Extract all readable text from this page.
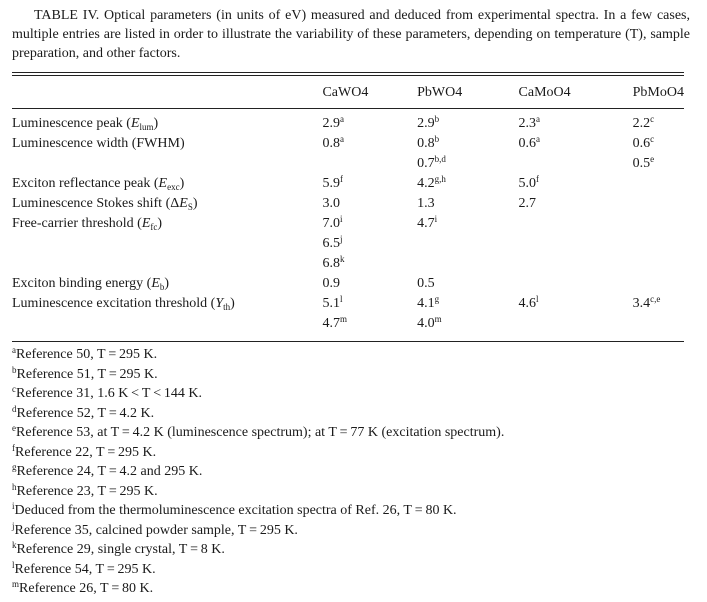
TABLE IV. Optical parameters (in units of eV) measured and deduced from experimental spectra. In a few cases, multiple entries are listed in order to illustrate the variability of these parameters, depending on temperature (T), sample preparation, and other factors.
	CaWO4	PbWO4	CaMoO4	PbMoO4

Luminescence peak $(E_{lum})$	2.9$^a$	2.9$^b$	2.3$^a$	2.2$^c$
Luminescence width (FWHM)	0.8$^a$	0.8$^b$	0.6$^a$	0.6$^c$
		0.7$^{b,d}$		0.5e
Exciton reflectance peak $(E_{exc})$	5.9$^f$	4.2$^{g,h}$	5.0$^f$	
Luminescence Stokes shift $(\Delta E_S)$	3.0	1.3	2.7	
Free-carrier threshold $(E_{fc})$	7.0$^i$	4.7$^i$		
	6.5$^j$			
	6.8$^k$			
Exciton binding energy $(E_b)$	0.9	0.5		
Luminescence excitation threshold $(Y_{th})$	5.1$^l$	4.1$^g$	4.6$^l$	3.4$^{c,e}$
	4.7$^m$	4.0$^m$		
$^a$Reference 50, T = 295 K.
$^b$Reference 51, T = 295 K.
$^c$Reference 31, 1.6 K < T < 144 K.
$^d$Reference 52, T = 4.2 K.
$^e$Reference 53, at T = 4.2 K (luminescence spectrum); at T = 77 K (excitation spectrum).
$^f$Reference 22, T = 295 K.
$^g$Reference 24, T = 4.2 and 295 K.
$^h$Reference 23, T = 295 K.
$^i$Deduced from the thermoluminescence excitation spectra of Ref. 26, T = 80 K.
$^j$Reference 35, calcined powder sample, T = 295 K.
$^k$Reference 29, single crystal, T = 8 K.
$^l$Reference 54, T = 295 K.
$^m$Reference 26, T = 80 K.
